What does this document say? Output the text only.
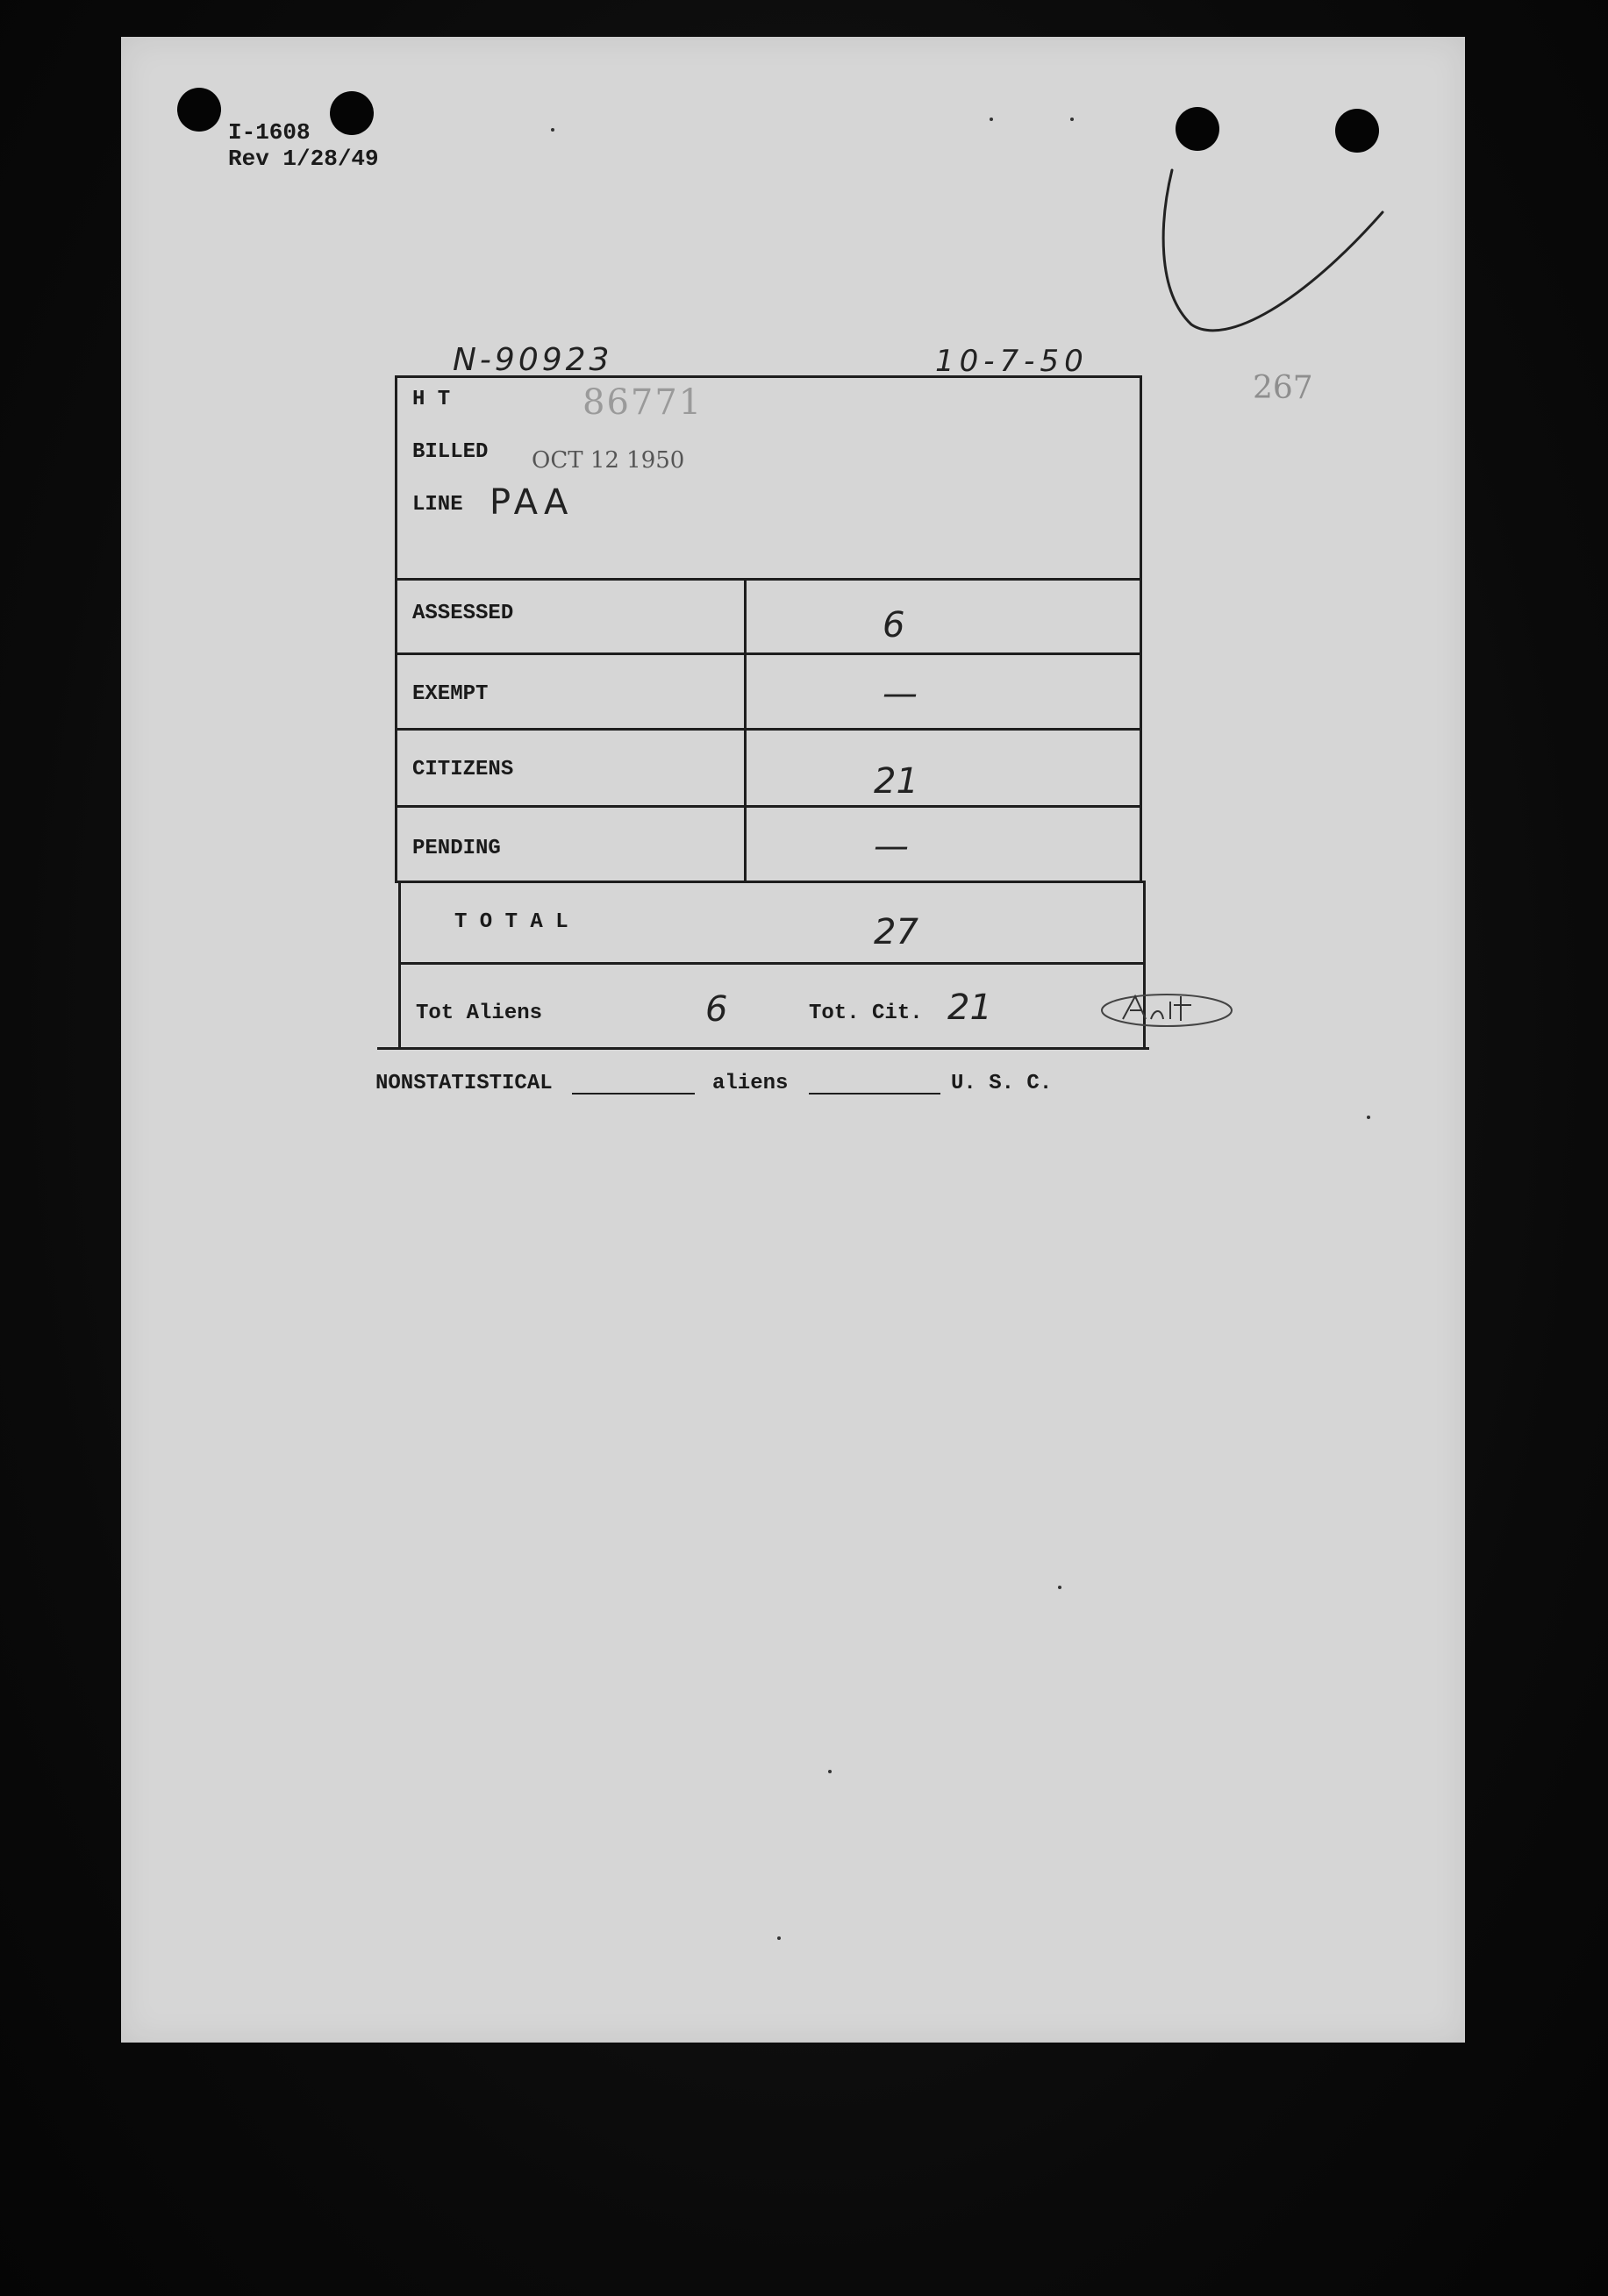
I-1608
Rev 1/28/49
N-90923	10-7-50
267
H T	86771
BILLED OCT 12 1950
LINE PAA
ASSESSED	6
EXEMPT	—
CITIZENS	21
PENDING	—
T O T A L	27
Tot Aliens	6	Tot. Cit. 21
NONSTATISTICAL	aliens	U. S. C.
